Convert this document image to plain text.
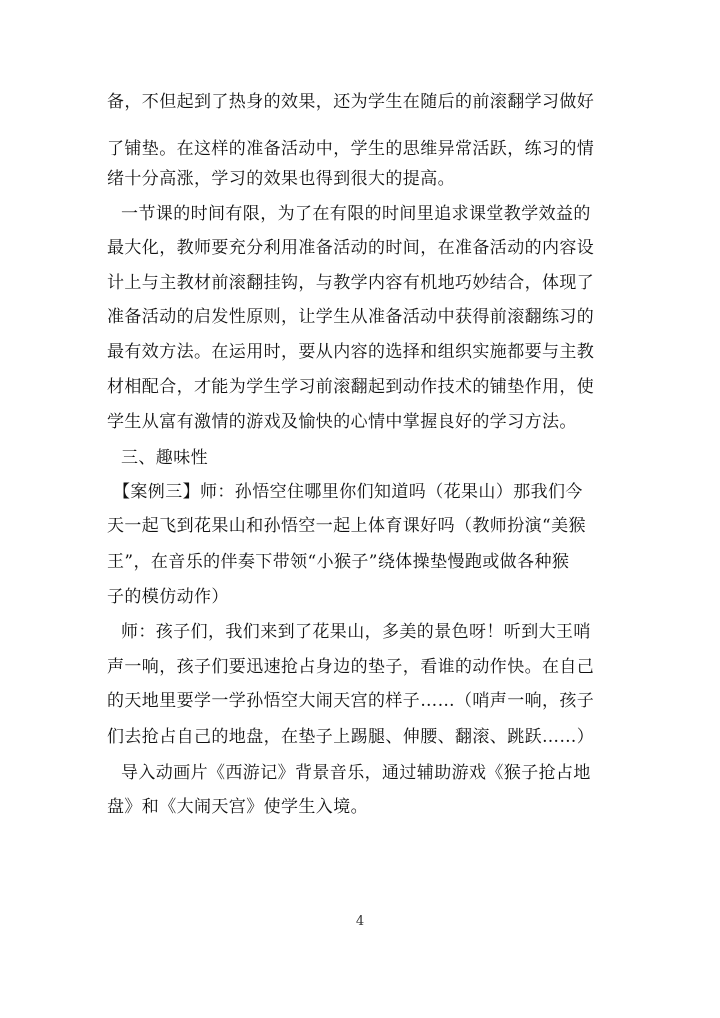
备，不但起到了热身的效果，还为学生在随后的前滚翻学习做好
了铺垫。在这样的准备活动中，学生的思维异常活跃，练习的情
绪十分高涨，学习的效果也得到很大的提高。
一节课的时间有限，为了在有限的时间里追求课堂教学效益的
最大化，教师要充分利用准备活动的时间，在准备活动的内容设
计上与主教材前滚翻挂钩，与教学内容有机地巧妙结合，体现了
准备活动的启发性原则，让学生从准备活动中获得前滚翻练习的
最有效方法。在运用时，要从内容的选择和组织实施都要与主教
材相配合，才能为学生学习前滚翻起到动作技术的铺垫作用，使
学生从富有激情的游戏及愉快的心情中掌握良好的学习方法。
三、趣味性
【案例三】师：孙悟空住哪里你们知道吗（花果山）那我们今
天一起飞到花果山和孙悟空一起上体育课好吗（教师扮演“美猴
王”，在音乐的伴奏下带领“小猴子”绕体操垫慢跑或做各种猴
子的模仿动作）
师：孩子们，我们来到了花果山，多美的景色呀！听到大王哨
声一响，孩子们要迅速抢占身边的垫子，看谁的动作快。在自己
的天地里要学一学孙悟空大闹天宫的样子……（哨声一响，孩子
们去抢占自己的地盘，在垫子上踢腿、伸腰、翻滚、跳跃……）
导入动画片《西游记》背景音乐，通过辅助游戏《猴子抢占地
盘》和《大闹天宫》使学生入境。
4
